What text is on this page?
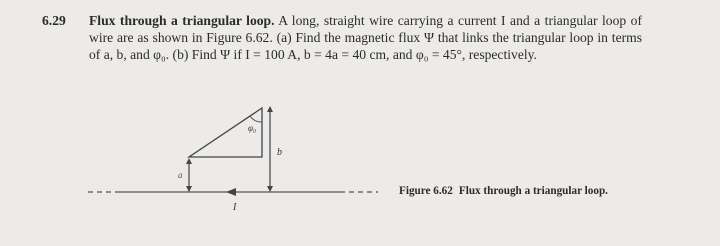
6.29 Flux through a triangular loop. A long, straight wire carrying a current I and a triangular loop of wire are as shown in Figure 6.62. (a) Find the magnetic flux Ψ that links the triangular loop in terms of a, b, and φ₀. (b) Find Ψ if I = 100 A, b = 4a = 40 cm, and φ₀ = 45°, respectively.
φ₀
b
a
I
Figure 6.62 Flux through a triangular loop.
